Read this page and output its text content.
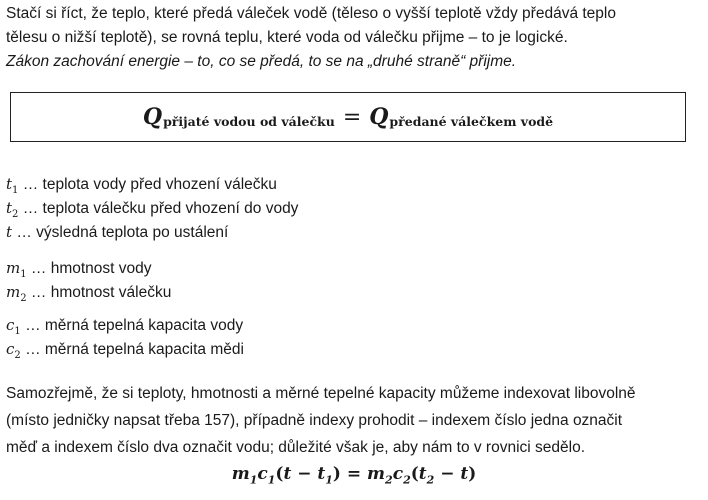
Stačí si říct, že teplo, které předá váleček vodě (těleso o vyšší teplotě vždy předává teplo
tělesu o nižší teplotě), se rovná teplu, které voda od válečku přijme – to je logické.
Zákon zachování energie – to, co se předá, to se na „druhé straně“ přijme.

Q přijaté vodou od válečku = Q předané válečkem vodě
$t_1$ … teplota vody před vhození válečku
$t_2$ … teplota válečku před vhození do vody
t … výsledná teplota po ustálení
$m_1$ … hmotnost vody
$m_2$ … hmotnost válečku
$c_1$ … měrná tepelná kapacita vody
$c_2$ … měrná tepelná kapacita mědi

Samozřejmě, že si teploty, hmotnosti a měrné tepelné kapacity můžeme indexovat libovolně
(místo jedničky napsat třeba 157), případně indexy prohodit – indexem číslo jedna označit
měď a indexem číslo dva označit vodu; důležité však je, aby nám to v rovnici sedělo.

$m_1c_1(t - t_1) = m_2c_2(t_2 - t)$
